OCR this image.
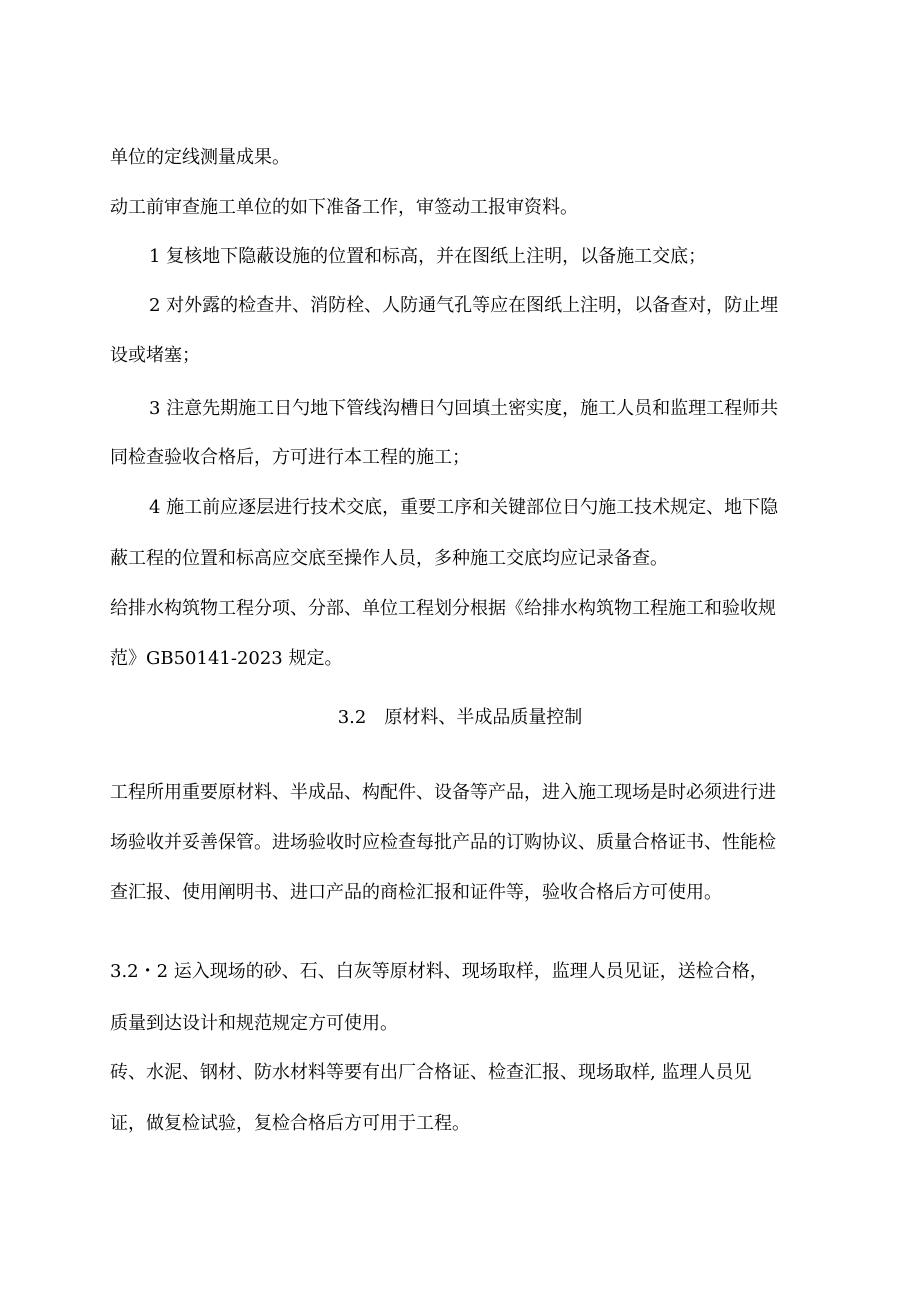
单位的定线测量成果。
动工前审查施工单位的如下准备工作，审签动工报审资料。
1 复核地下隐蔽设施的位置和标高，并在图纸上注明，以备施工交底；
2 对外露的检查井、消防栓、人防通气孔等应在图纸上注明，以备查对，防止埋
设或堵塞；
3 注意先期施工日勺地下管线沟槽日勺回填土密实度，施工人员和监理工程师共
同检查验收合格后，方可进行本工程的施工；
4 施工前应逐层进行技术交底，重要工序和关键部位日勺施工技术规定、地下隐
蔽工程的位置和标高应交底至操作人员，多种施工交底均应记录备查。
给排水构筑物工程分项、分部、单位工程划分根据《给排水构筑物工程施工和验收规
范》GB50141-2023 规定。
3.2　原材料、半成品质量控制
工程所用重要原材料、半成品、构配件、设备等产品，进入施工现场是时必须进行进
场验收并妥善保管。进场验收时应检查每批产品的订购协议、质量合格证书、性能检
查汇报、使用阐明书、进口产品的商检汇报和证件等，验收合格后方可使用。
3.2・2 运入现场的砂、石、白灰等原材料、现场取样，监理人员见证，送检合格，
质量到达设计和规范规定方可使用。
砖、水泥、钢材、防水材料等要有出厂合格证、检查汇报、现场取样, 监理人员见
证，做复检试验，复检合格后方可用于工程。
